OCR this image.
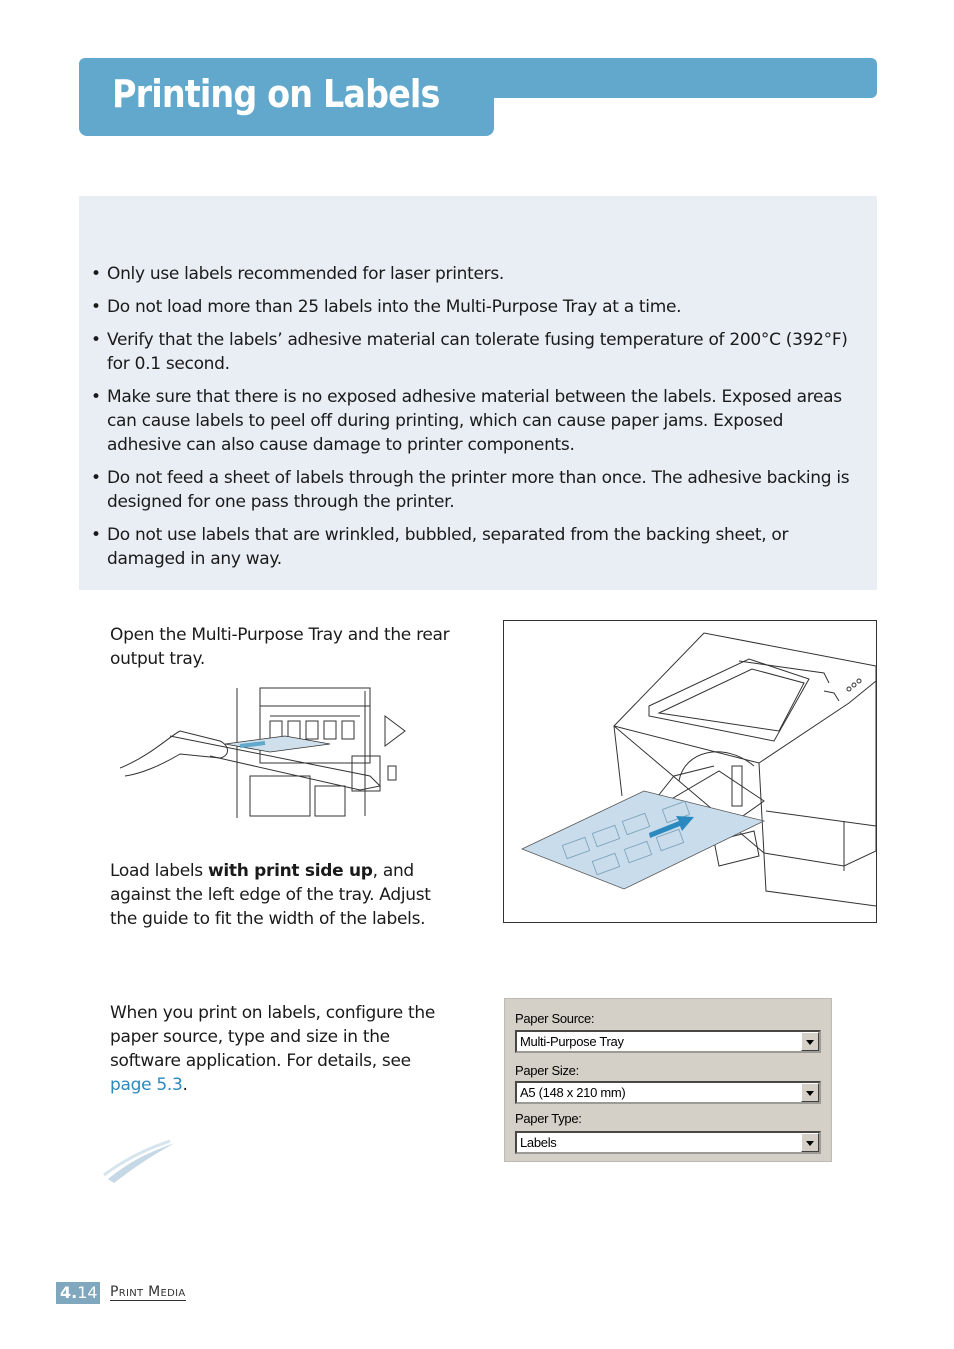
Printing on Labels
• Only use labels recommended for laser printers.
• Do not load more than 25 labels into the Multi-Purpose Tray at a time.
• Verify that the labels’ adhesive material can tolerate fusing temperature of 200°C (392°F) for 0.1 second.
• Make sure that there is no exposed adhesive material between the labels. Exposed areas can cause labels to peel off during printing, which can cause paper jams. Exposed adhesive can also cause damage to printer components.
• Do not feed a sheet of labels through the printer more than once. The adhesive backing is designed for one pass through the printer.
• Do not use labels that are wrinkled, bubbled, separated from the backing sheet, or damaged in any way.

Open the Multi-Purpose Tray and the rear output tray.

Load labels with print side up, and against the left edge of the tray. Adjust the guide to fit the width of the labels.

When you print on labels, configure the paper source, type and size in the software application. For details, see page 5.3.

Paper Source:
Multi-Purpose Tray
Paper Size:
A5 (148 x 210 mm)
Paper Type:
Labels
4.14 Print Media
